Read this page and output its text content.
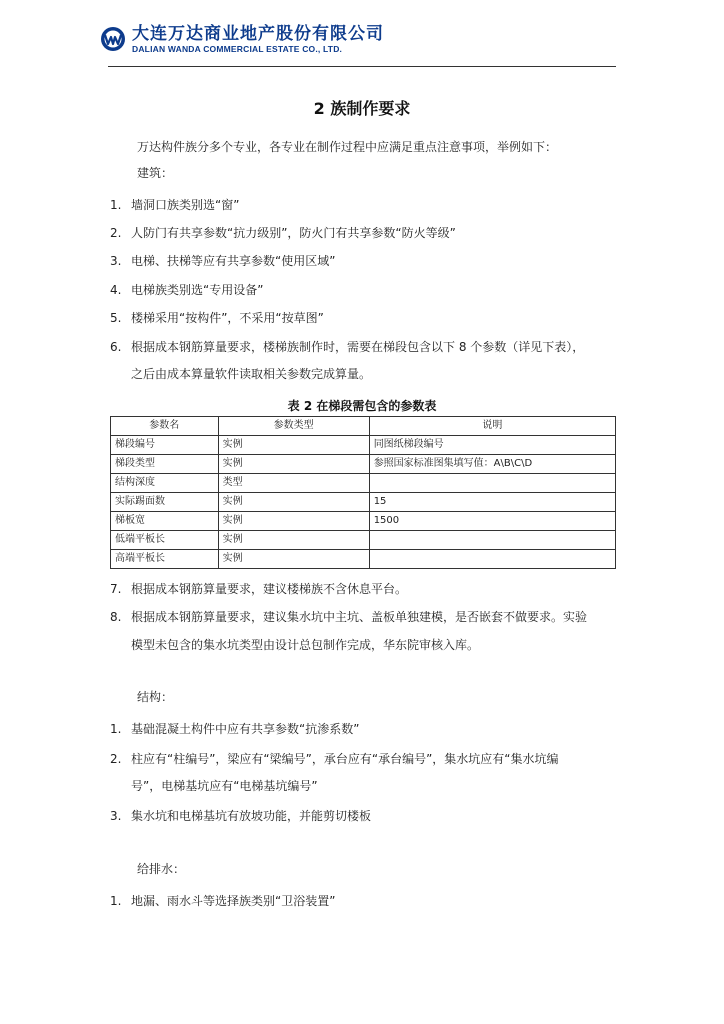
大连万达商业地产股份有限公司
DALIAN WANDA COMMERCIAL ESTATE CO., LTD.
2 族制作要求
万达构件族分多个专业，各专业在制作过程中应满足重点注意事项，举例如下：
建筑：
1. 墙洞口族类别选“窗”
2. 人防门有共享参数“抗力级别”，防火门有共享参数“防火等级”
3. 电梯、扶梯等应有共享参数“使用区域”
4. 电梯族类别选“专用设备”
5. 楼梯采用“按构件”，不采用“按草图”
6. 根据成本钢筋算量要求，楼梯族制作时，需要在梯段包含以下 8 个参数（详见下表），
之后由成本算量软件读取相关参数完成算量。
表 2 在梯段需包含的参数表
参数名	参数类型	说明
梯段编号	实例	同图纸梯段编号
梯段类型	实例	参照国家标准图集填写值：A\B\C\D
结构深度	类型	
实际踢面数	实例	15
梯板宽	实例	1500
低端平板长	实例	
高端平板长	实例	
7. 根据成本钢筋算量要求，建议楼梯族不含休息平台。
8. 根据成本钢筋算量要求，建议集水坑中主坑、盖板单独建模，是否嵌套不做要求。实验
模型未包含的集水坑类型由设计总包制作完成，华东院审核入库。
结构：
1. 基础混凝土构件中应有共享参数“抗渗系数”
2. 柱应有“柱编号”，梁应有“梁编号”，承台应有“承台编号”，集水坑应有“集水坑编
号”，电梯基坑应有“电梯基坑编号”
3. 集水坑和电梯基坑有放坡功能，并能剪切楼板
给排水：
1. 地漏、雨水斗等选择族类别“卫浴装置”
